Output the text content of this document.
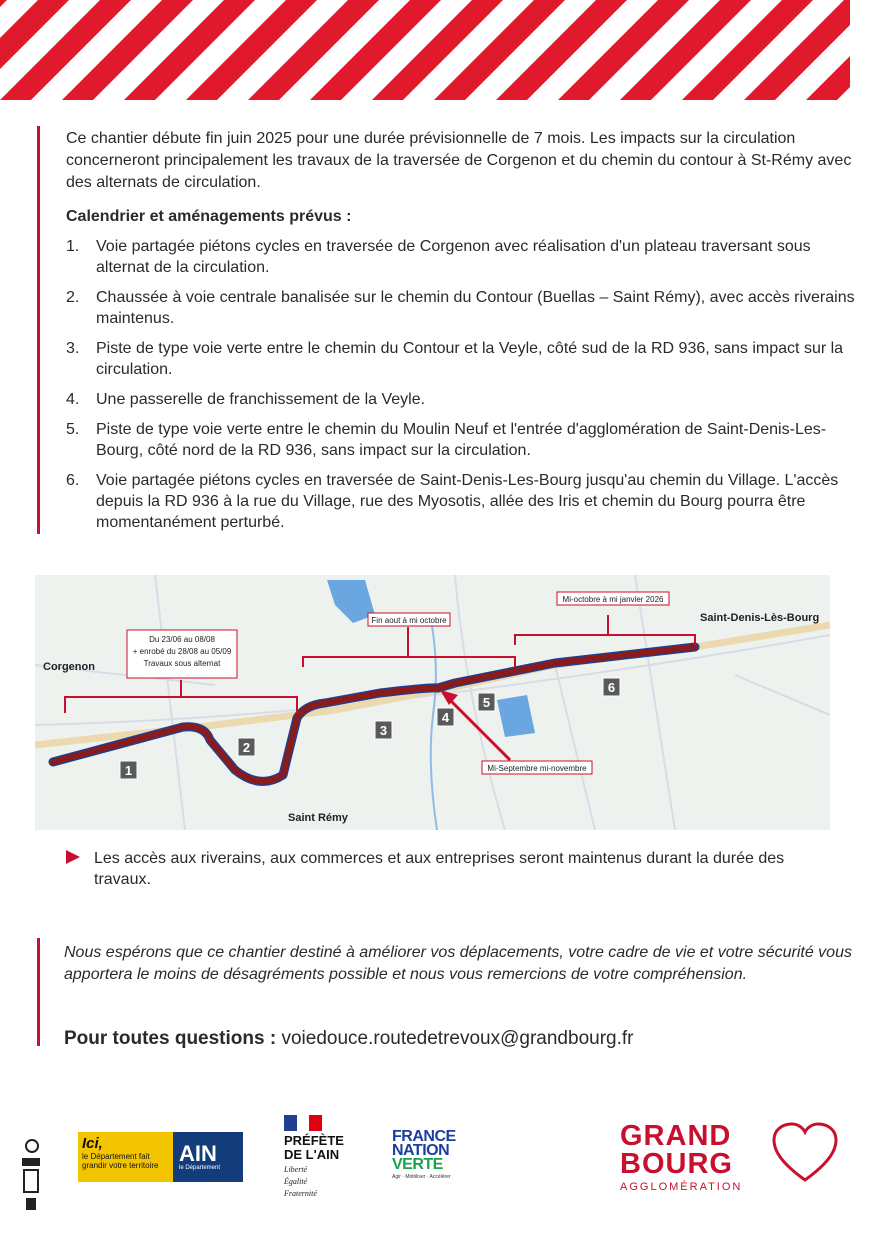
Ce chantier débute fin juin 2025 pour une durée prévisionnelle de 7 mois. Les impacts sur la circulation concerneront principalement les travaux de la traversée de Corgenon et du chemin du contour à St-Rémy avec des alternats de circulation.

Calendrier et aménagements prévus :

1.	Voie partagée piétons cycles en traversée de Corgenon avec réalisation d'un plateau traversant sous alternat de la circulation.
2.	Chaussée à voie centrale banalisée sur le chemin du Contour (Buellas – Saint Rémy), avec accès riverains maintenus.
3.	Piste de type voie verte entre le chemin du Contour et la Veyle, côté sud de la RD 936, sans impact sur la circulation.
4.	Une passerelle de franchissement de la Veyle.
5.	Piste de type voie verte entre le chemin du Moulin Neuf et l'entrée d'agglomération de Saint-Denis-Les-Bourg, côté nord de la RD 936, sans impact sur la circulation.
6.	Voie partagée piétons cycles en traversée de Saint-Denis-Les-Bourg jusqu'au chemin du Village. L'accès depuis la RD 936 à la rue du Village, rue des Myosotis, allée des Iris et chemin du Bourg pourra être momentanément perturbé.
Du 23/06 au 08/08
+ enrobé du 28/08 au 05/09
Travaux sous alternat
Fin aout à mi octobre
Mi-octobre à mi janvier 2026
Mi-Septembre mi-novembre
Corgenon
Saint Rémy
Saint-Denis-Lès-Bourg
1
2
3
4
5
6
Les accès aux riverains, aux commerces et aux entreprises seront maintenus durant la durée des travaux.

Nous espérons que ce chantier destiné à améliorer vos déplacements, votre cadre de vie et votre sécurité vous apportera le moins de désagréments possible et nous vous remercions de votre compréhension.

Pour toutes questions : voiedouce.routedetrevoux@grandbourg.fr
Ici,
le Département fait grandir votre territoire AIN
le Département
PRÉFÈTE
DE L'AIN
Liberté
Égalité
Fraternité
FRANCE
NATION
VERTE
Agir · Mobiliser · Accélérer
GRAND
BOURG
AGGLOMÉRATION
